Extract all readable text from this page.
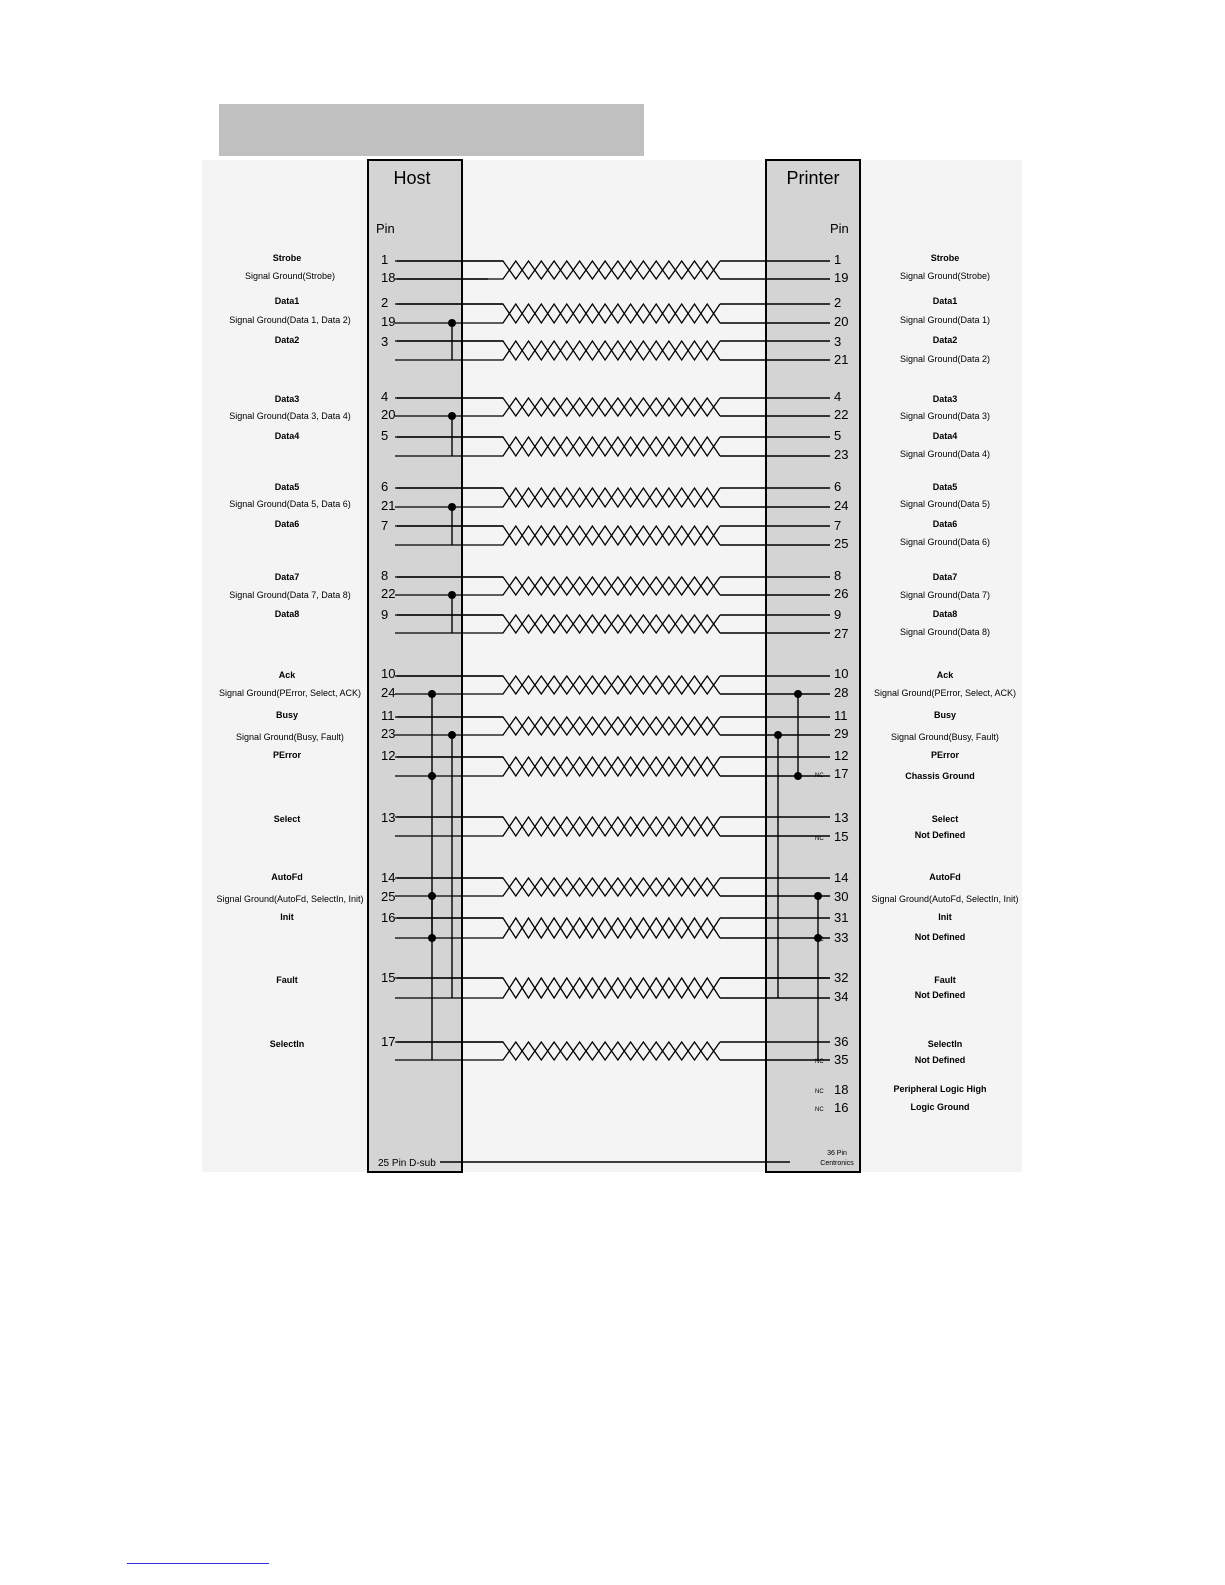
Host	Printer
Pin	Pin
25 Pin D-sub
36 Pin
Centronics
Strobe
Signal Ground(Strobe)
Data1
Signal Ground(Data 1, Data 2)
Data2
Data3
Signal Ground(Data 3, Data 4)
Data4
Data5
Signal Ground(Data 5, Data 6)
Data6
Data7
Signal Ground(Data 7, Data 8)
Data8
Ack
Signal Ground(PError, Select, ACK)
Busy
Signal Ground(Busy, Fault)
PError
Select
AutoFd
Signal Ground(AutoFd, SelectIn, Init)
Init
Fault
SelectIn
1
18
2
19
3
4
20
5
6
21
7
8
22
9
10
24
11
23
12
13
14
25
16
15
17
1
19
2
20
3
21
4
22
5
23
6
24
7
25
8
26
9
27
10
28
11
29
12
NC 17
13
NC 15
14
30
31
NC 33
32
34
36
NC 35
NC 18
NC 16
Strobe
Signal Ground(Strobe)
Data1
Signal Ground(Data 1)
Data2
Signal Ground(Data 2)
Data3
Signal Ground(Data 3)
Data4
Signal Ground(Data 4)
Data5
Signal Ground(Data 5)
Data6
Signal Ground(Data 6)
Data7
Signal Ground(Data 7)
Data8
Signal Ground(Data 8)
Ack
Signal Ground(PError, Select, ACK)
Busy
Signal Ground(Busy, Fault)
PError
Chassis Ground
Select
Not Defined
AutoFd
Signal Ground(AutoFd, SelectIn, Init)
Init
Not Defined
Fault
Not Defined
SelectIn
Not Defined
Peripheral Logic High
Logic Ground
